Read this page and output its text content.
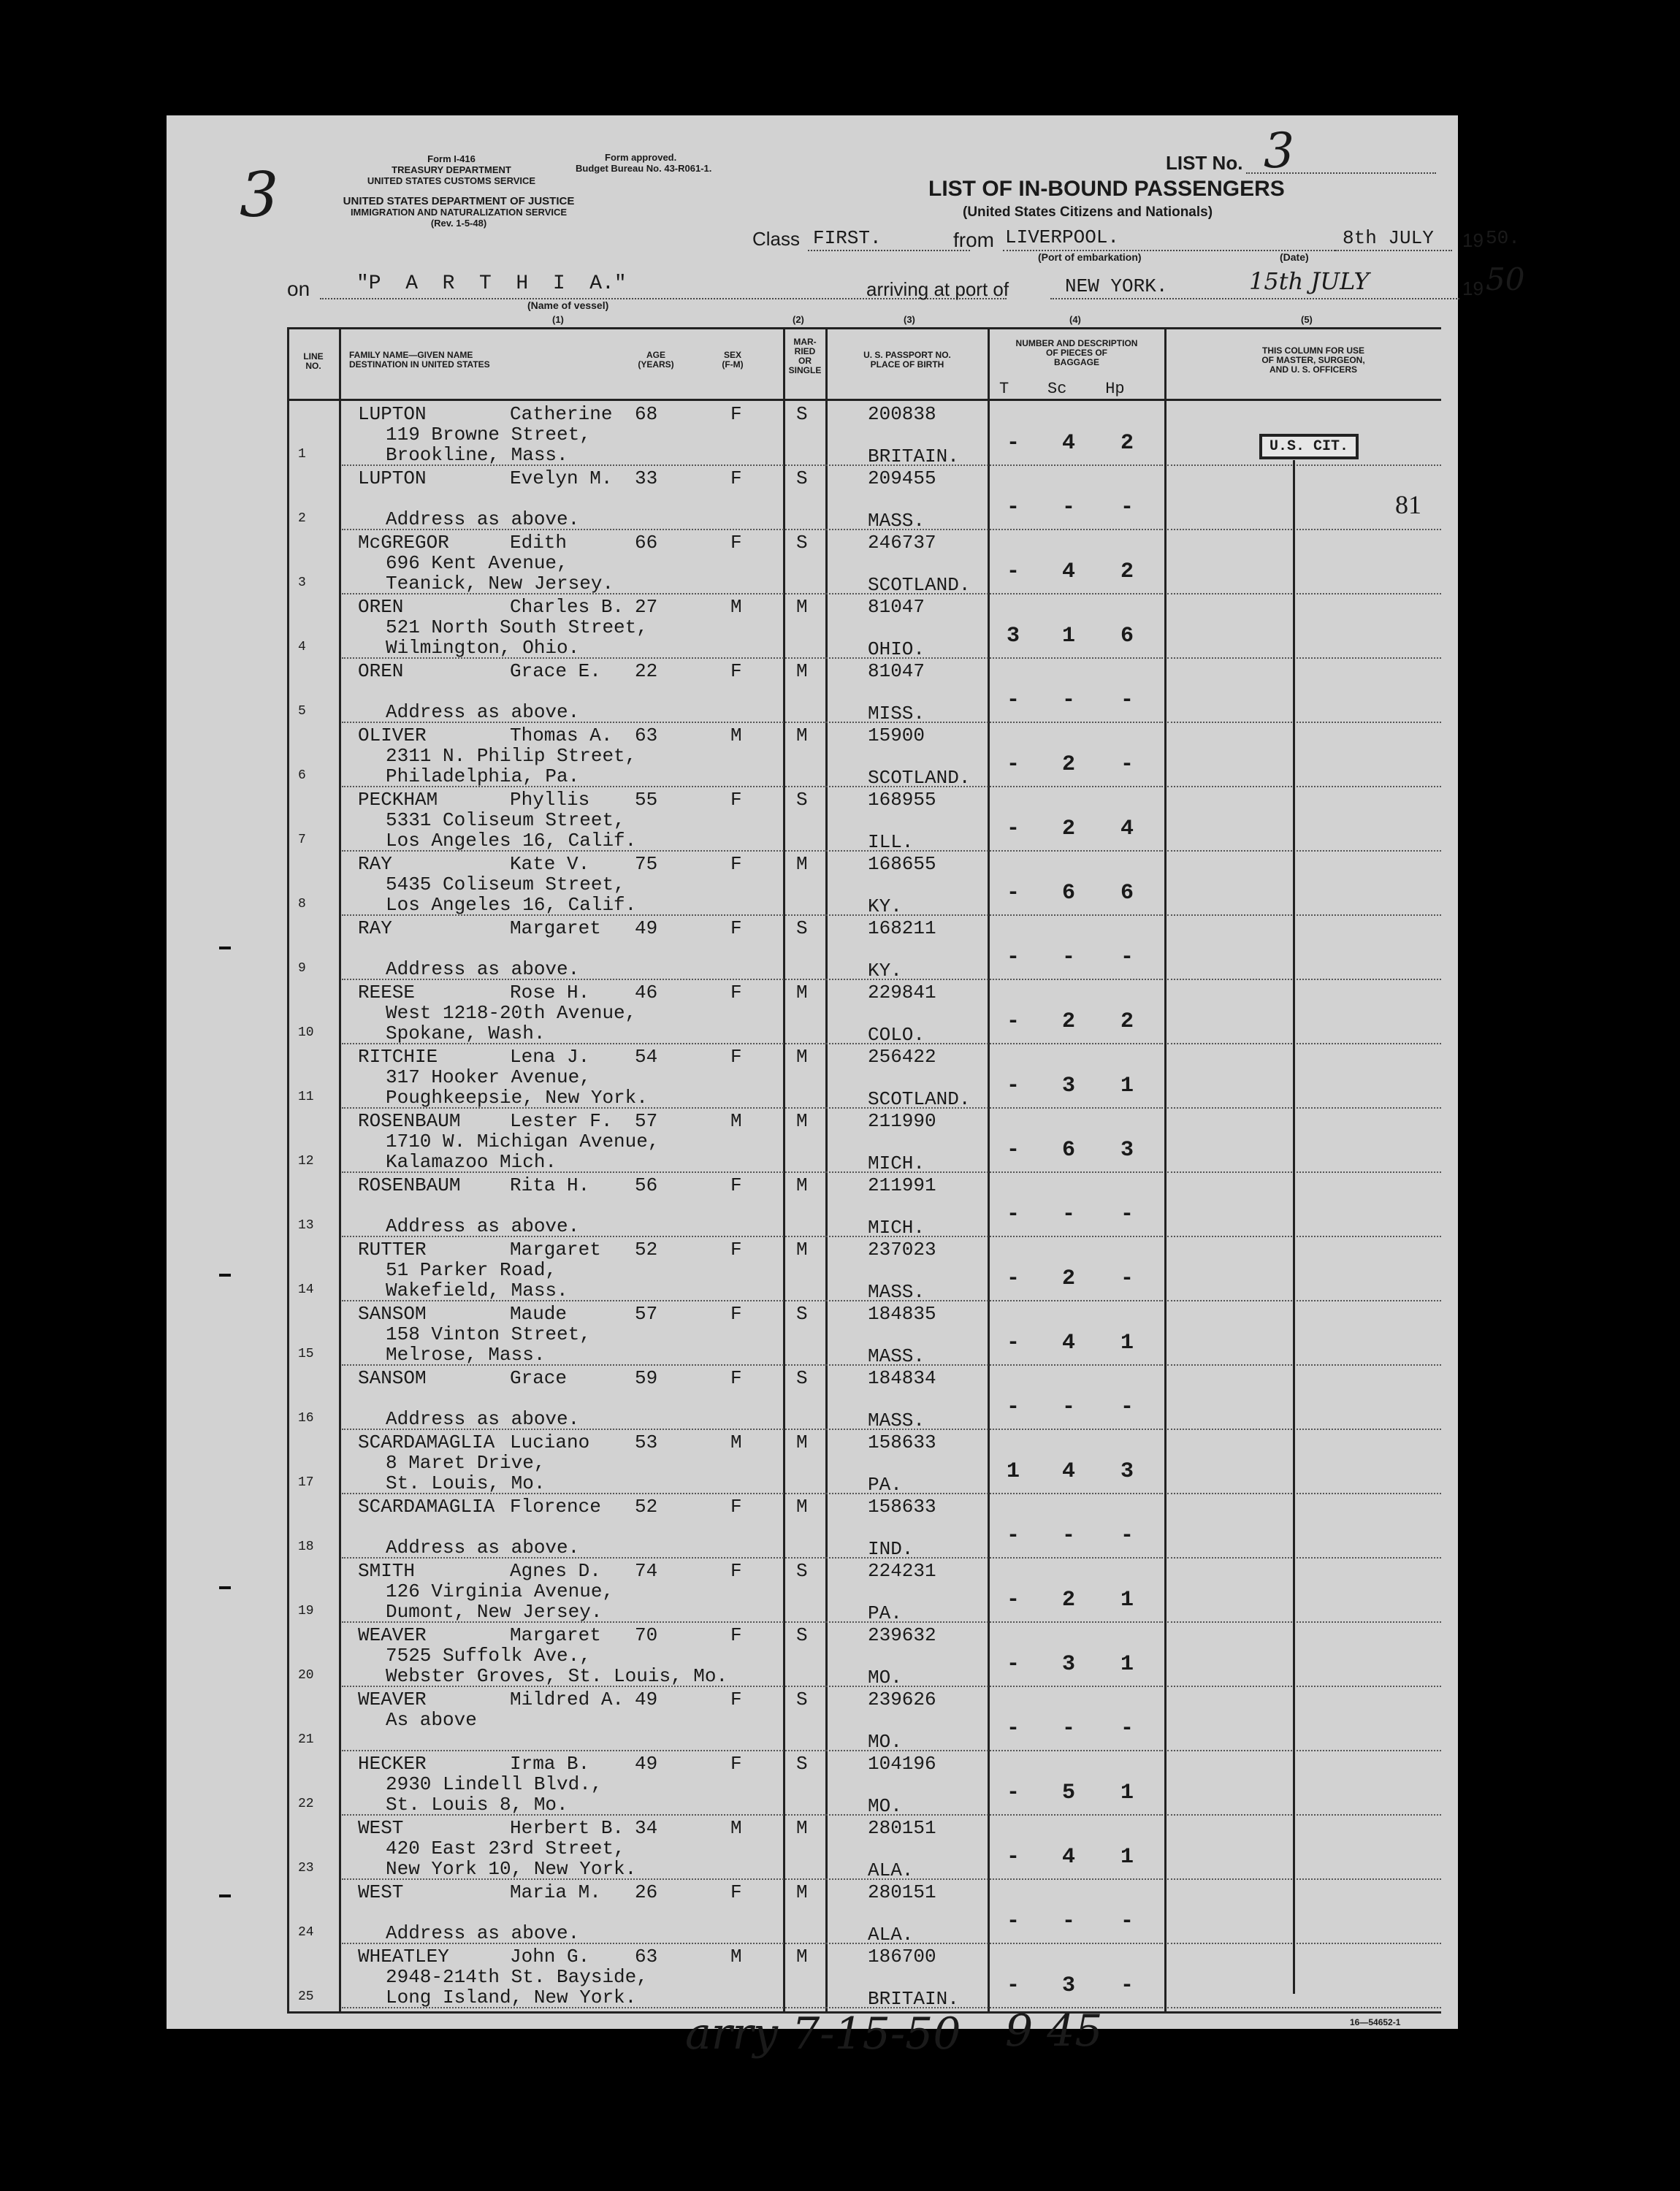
3
Form I-416
TREASURY DEPARTMENT
UNITED STATES CUSTOMS SERVICE
Form approved.
Budget Bureau No. 43-R061-1.
UNITED STATES DEPARTMENT OF JUSTICE
IMMIGRATION AND NATURALIZATION SERVICE
(Rev. 1-5-48)
LIST No. 3
LIST OF IN-BOUND PASSENGERS
(United States Citizens and Nationals)
Class FIRST.	from LIVERPOOL.
(Port of embarkation)
8th JULY 19 50.
(Date)
on "P  A  R  T  H  I  A."
(Name of vessel)
arriving at port of	NEW YORK.	15th JULY	19 50
(1)	(2)	(3)	(4)	(5)
LINE
NO.
FAMILY NAME—GIVEN NAME
DESTINATION IN UNITED STATES
AGE
(YEARS)
SEX
(F-M)
MAR-
RIED
OR
SINGLE
U. S. PASSPORT NO.
PLACE OF BIRTH
NUMBER AND DESCRIPTION
OF PIECES OF
BAGGAGE
T    Sc    Hp
THIS COLUMN FOR USE
OF MASTER, SURGEON,
AND U. S. OFFICERS
1
LUPTON	Catherine 68	F	S	200838
119 Browne Street,
Brookline, Mass.	BRITAIN.
- 4 2
2
LUPTON	Evelyn M. 33	F	S	209455
Address as above.	MASS.
- - -
3
McGREGOR	Edith	66	F	S	246737
696 Kent Avenue,
Teanick, New Jersey.	SCOTLAND.
- 4 2
4
OREN	Charles B. 27	M	M	81047
521 North South Street,
Wilmington, Ohio.	OHIO.
3 1 6
5
OREN	Grace E. 22	F	M	81047
Address as above.	MISS.
- - -
6
OLIVER	Thomas A. 63	M	M	15900
2311 N. Philip Street,
Philadelphia, Pa.	SCOTLAND.
- 2 -
7
PECKHAM	Phyllis 55	F	S	168955
5331 Coliseum Street,
Los Angeles 16, Calif.	ILL.
- 2 4
8
RAY	Kate V. 75	F	M	168655
5435 Coliseum Street,
Los Angeles 16, Calif.	KY.
- 6 6
9
RAY	Margaret 49	F	S	168211
Address as above.	KY.
- - -
10
REESE	Rose H. 46	F	M	229841
West 1218-20th Avenue,
Spokane, Wash.	COLO.
- 2 2
11
RITCHIE	Lena J. 54	F	M	256422
317 Hooker Avenue,
Poughkeepsie, New York.	SCOTLAND.
- 3 1
12
ROSENBAUM	Lester F. 57	M	M	211990
1710 W. Michigan Avenue,
Kalamazoo Mich.	MICH.
- 6 3
13
ROSENBAUM	Rita H. 56	F	M	211991
Address as above.	MICH.
- - -
14
RUTTER	Margaret 52	F	M	237023
51 Parker Road,
Wakefield, Mass.	MASS.
- 2 -
15
SANSOM	Maude	57	F	S	184835
158 Vinton Street,
Melrose, Mass.	MASS.
- 4 1
16
SANSOM	Grace	59	F	S	184834
Address as above.	MASS.
- - -
17
SCARDAMAGLIA Luciano 53	M	M	158633
8 Maret Drive,
St. Louis, Mo.	PA.
1 4 3
18
SCARDAMAGLIA Florence 52	F	M	158633
Address as above.	IND.
- - -
19
SMITH	Agnes D. 74	F	S	224231
126 Virginia Avenue,
Dumont, New Jersey.	PA.
- 2 1
20
WEAVER	Margaret 70	F	S	239632
7525 Suffolk Ave.,
Webster Groves, St. Louis, Mo.	MO.
- 3 1
21
WEAVER	Mildred A. 49	F	S	239626
As above
MO.
- - -
22
HECKER	Irma B. 49	F	S	104196
2930 Lindell Blvd.,
St. Louis 8, Mo.	MO.
- 5 1
23
WEST	Herbert B. 34	M	M	280151
420 East 23rd Street,
New York 10, New York.	ALA.
- 4 1
24
WEST	Maria M. 26	F	M	280151
Address as above.	ALA.
- - -
25
WHEATLEY	John G. 63	M	M	186700
2948-214th St. Bayside,
Long Island, New York.	BRITAIN.
- 3 -
U.S. CIT.
81
arry 7-15-50 9 45	16—54652-1
